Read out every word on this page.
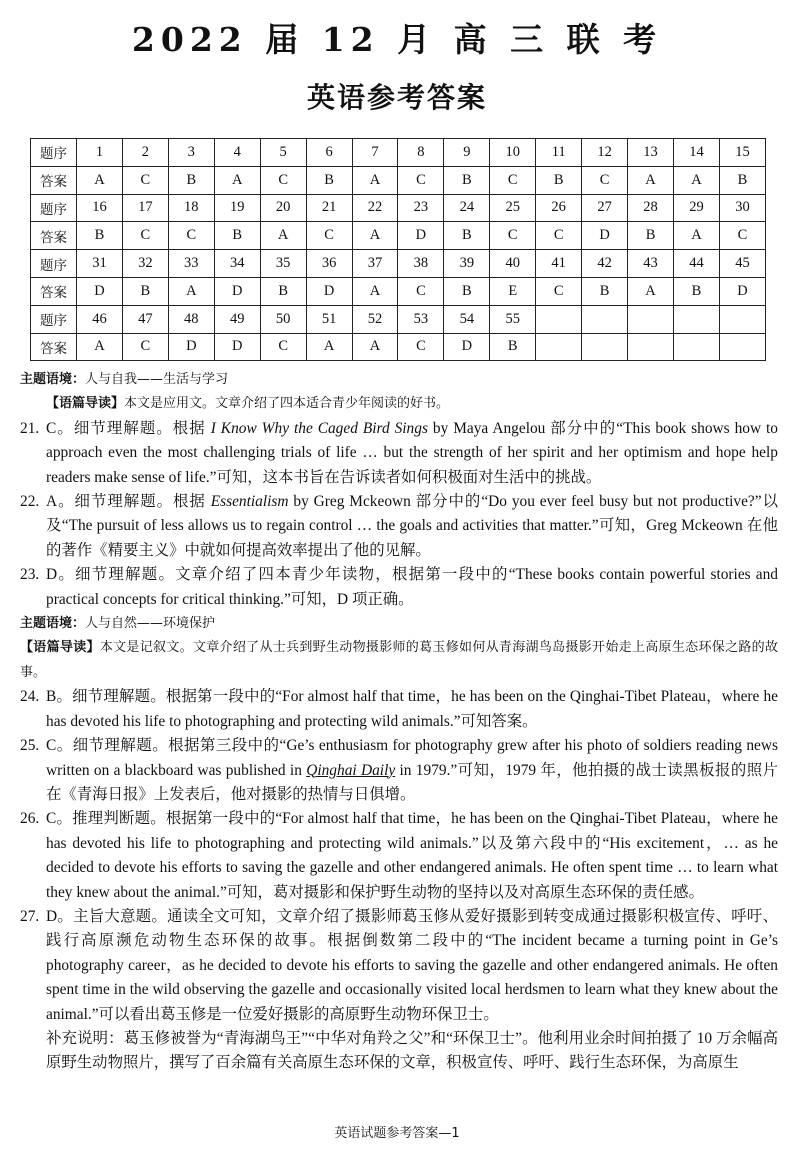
2022 届 12 月 高 三 联 考
英语参考答案
题序	1	2	3	4	5	6	7	8	9	10	11	12	13	14	15
答案	A	C	B	A	C	B	A	C	B	C	B	C	A	A	B
题序	16	17	18	19	20	21	22	23	24	25	26	27	28	29	30
答案	B	C	C	B	A	C	A	D	B	C	C	D	B	A	C
题序	31	32	33	34	35	36	37	38	39	40	41	42	43	44	45
答案	D	B	A	D	B	D	A	C	B	E	C	B	A	B	D
题序	46	47	48	49	50	51	52	53	54	55					
答案	A	C	D	D	C	A	A	C	D	B					

主题语境：人与自我——生活与学习

【语篇导读】本文是应用文。文章介绍了四本适合青少年阅读的好书。

21. C。细节理解题。根据 I Know Why the Caged Bird Sings by Maya Angelou 部分中的“This book shows how to approach even the most challenging trials of life … but the strength of her spirit and her optimism and hope help readers make sense of life.”可知，这本书旨在告诉读者如何积极面对生活中的挑战。

22. A。细节理解题。根据 Essentialism by Greg Mckeown 部分中的“Do you ever feel busy but not productive?”以及“The pursuit of less allows us to regain control … the goals and activities that matter.”可知，Greg Mckeown 在他的著作《精要主义》中就如何提高效率提出了他的见解。

23. D。细节理解题。文章介绍了四本青少年读物，根据第一段中的“These books contain powerful stories and practical concepts for critical thinking.”可知，D 项正确。

主题语境：人与自然——环境保护

【语篇导读】本文是记叙文。文章介绍了从士兵到野生动物摄影师的葛玉修如何从青海湖鸟岛摄影开始走上高原生态环保之路的故事。

24. B。细节理解题。根据第一段中的“For almost half that time，he has been on the Qinghai-Tibet Plateau，where he has devoted his life to photographing and protecting wild animals.”可知答案。

25. C。细节理解题。根据第三段中的“Ge’s enthusiasm for photography grew after his photo of soldiers reading news written on a blackboard was published in Qinghai Daily in 1979.”可知，1979 年，他拍摄的战士读黑板报的照片在《青海日报》上发表后，他对摄影的热情与日俱增。

26. C。推理判断题。根据第一段中的“For almost half that time，he has been on the Qinghai-Tibet Plateau，where he has devoted his life to photographing and protecting wild animals.”以及第六段中的“His excitement，… as he decided to devote his efforts to saving the gazelle and other endangered animals. He often spent time … to learn what they knew about the animal.”可知，葛对摄影和保护野生动物的坚持以及对高原生态环保的责任感。

27. D。主旨大意题。通读全文可知，文章介绍了摄影师葛玉修从爱好摄影到转变成通过摄影积极宣传、呼吁、践行高原濒危动物生态环保的故事。根据倒数第二段中的“The incident became a turning point in Ge’s photography career，as he decided to devote his efforts to saving the gazelle and other endangered animals. He often spent time in the wild observing the gazelle and occasionally visited local herdsmen to learn what they knew about the animal.”可以看出葛玉修是一位爱好摄影的高原野生动物环保卫士。

补充说明：葛玉修被誉为“青海湖鸟王”“中华对角羚之父”和“环保卫士”。他利用业余时间拍摄了 10 万余幅高原野生动物照片，撰写了百余篇有关高原生态环保的文章，积极宣传、呼吁、践行生态环保，为高原生

英语试题参考答案—1
